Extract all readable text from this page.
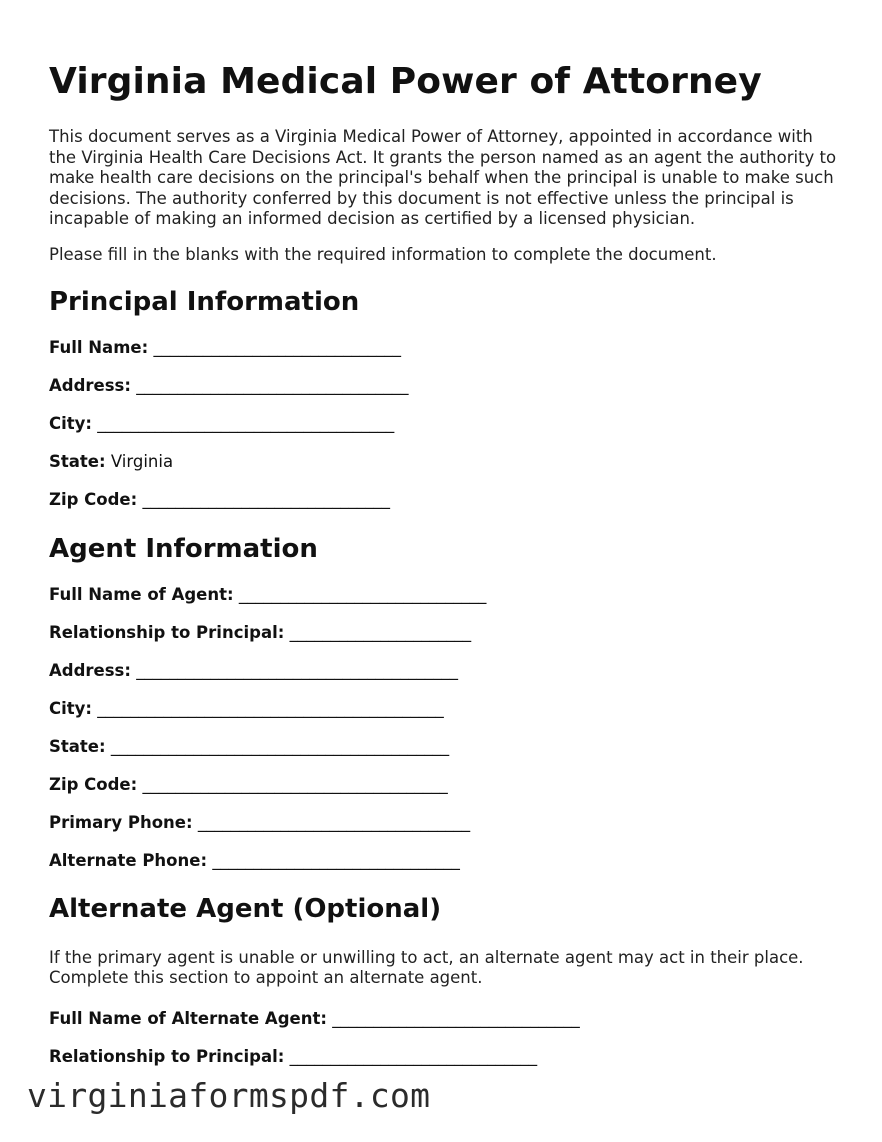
Virginia Medical Power of Attorney

This document serves as a Virginia Medical Power of Attorney, appointed in accordance with the Virginia Health Care Decisions Act. It grants the person named as an agent the authority to make health care decisions on the principal's behalf when the principal is unable to make such decisions. The authority conferred by this document is not effective unless the principal is incapable of making an informed decision as certified by a licensed physician.

Please fill in the blanks with the required information to complete the document.

Principal Information
Full Name: ______________________________
Address: _________________________________
City: ____________________________________
State: Virginia
Zip Code: ______________________________
Agent Information
Full Name of Agent: ______________________________
Relationship to Principal: ______________________
Address: _______________________________________
City: __________________________________________
State: _________________________________________
Zip Code: _____________________________________
Primary Phone: _________________________________
Alternate Phone: ______________________________
Alternate Agent (Optional)

If the primary agent is unable or unwilling to act, an alternate agent may act in their place. Complete this section to appoint an alternate agent.

Full Name of Alternate Agent: ______________________________
Relationship to Principal: ______________________________
virginiaformspdf.com
